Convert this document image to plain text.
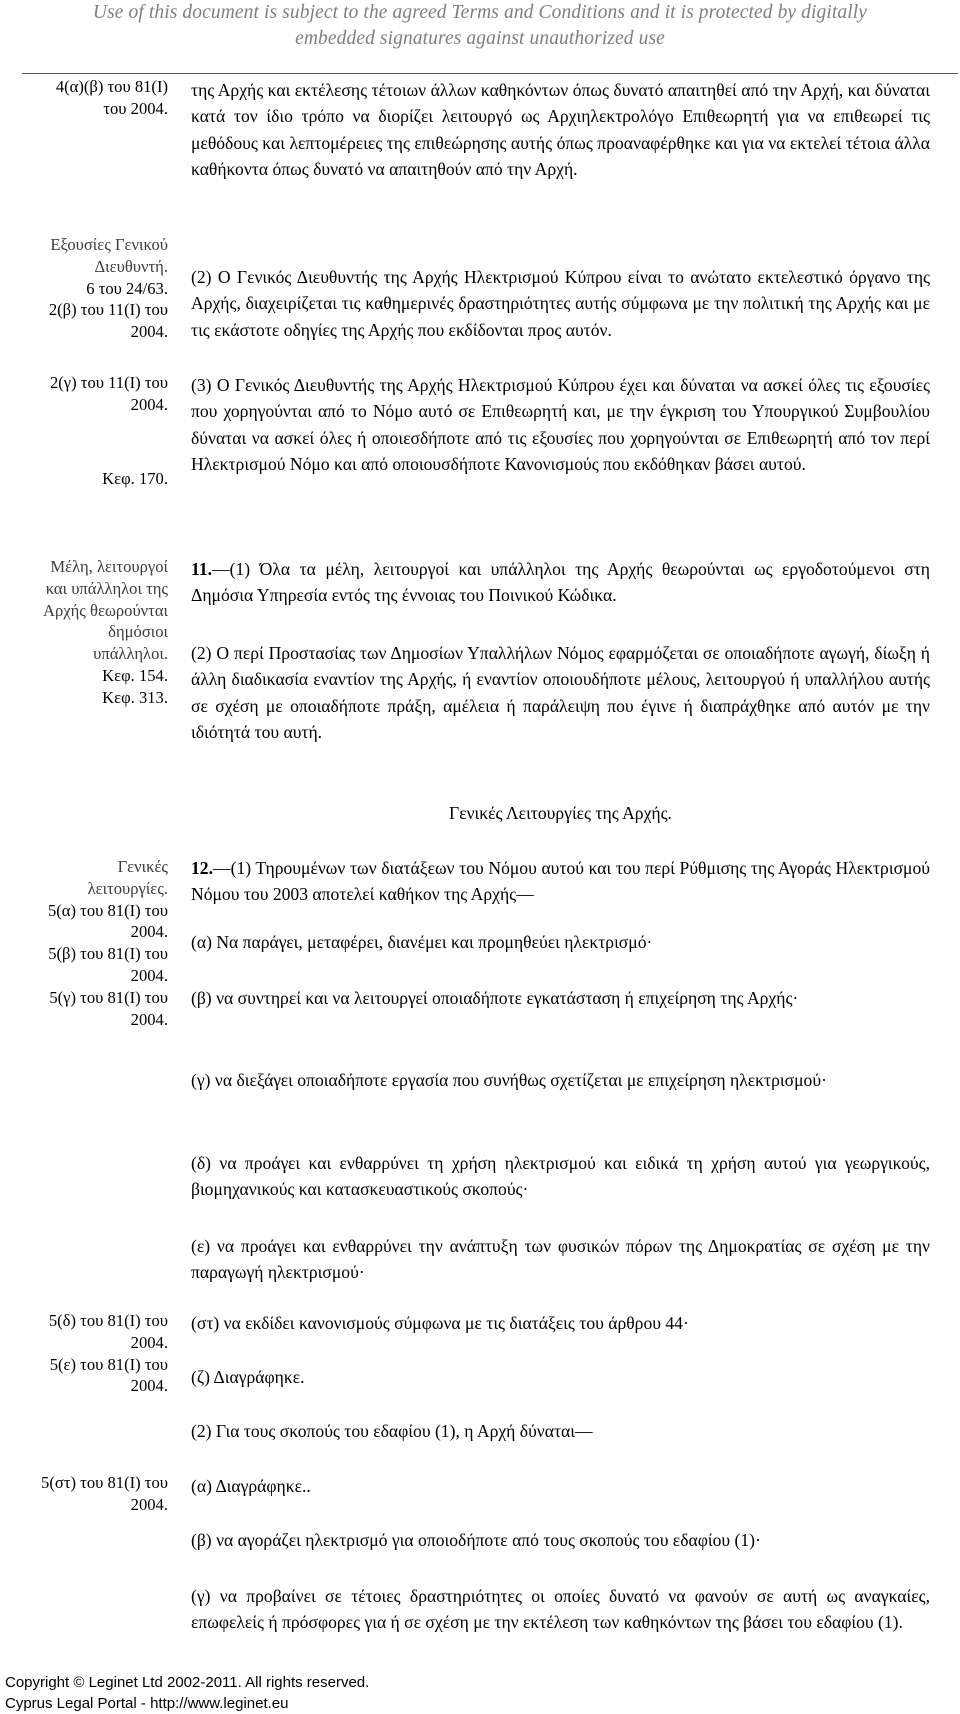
Use of this document is subject to the agreed Terms and Conditions and it is protected by digitally
embedded signatures against unauthorized use
4(α)(β) του 81(Ι)
του 2004.
Εξουσίες Γενικού
Διευθυντή.
6 του 24/63.
2(β) του 11(Ι) του
2004.
2(γ) του 11(Ι) του
2004.
Κεφ. 170.
Μέλη, λειτουργοί
και υπάλληλοι της
Αρχής θεωρούνται
δημόσιοι
υπάλληλοι.
Κεφ. 154.
Κεφ. 313.
Γενικές
λειτουργίες.
5(α) του 81(Ι) του
2004.
5(β) του 81(Ι) του
2004.
5(γ) του 81(Ι) του
2004.
5(δ) του 81(Ι) του
2004.
5(ε) του 81(Ι) του
2004.
5(στ) του 81(Ι) του
2004.

της Αρχής και εκτέλεσης τέτοιων άλλων καθηκόντων όπως δυνατό απαιτηθεί από την Αρχή, και δύναται κατά τον ίδιο τρόπο να διορίζει λειτουργό ως Αρχιηλεκτρολόγο Επιθεωρητή για να επιθεωρεί τις μεθόδους και λεπτομέρειες της επιθεώρησης αυτής όπως προαναφέρθηκε και για να εκτελεί τέτοια άλλα καθήκοντα όπως δυνατό να απαιτηθούν από την Αρχή.

(2) Ο Γενικός Διευθυντής της Αρχής Ηλεκτρισμού Κύπρου είναι το ανώτατο εκτελεστικό όργανο της Αρχής, διαχειρίζεται τις καθημερινές δραστηριότητες αυτής σύμφωνα με την πολιτική της Αρχής και με τις εκάστοτε οδηγίες της Αρχής που εκδίδονται προς αυτόν.

(3) Ο Γενικός Διευθυντής της Αρχής Ηλεκτρισμού Κύπρου έχει και δύναται να ασκεί όλες τις εξουσίες που χορηγούνται από το Νόμο αυτό σε Επιθεωρητή και, με την έγκριση του Υπουργικού Συμβουλίου δύναται να ασκεί όλες ή οποιεσδήποτε από τις εξουσίες που χορηγούνται σε Επιθεωρητή από τον περί Ηλεκτρισμού Νόμο και από οποιουσδήποτε Κανονισμούς που εκδόθηκαν βάσει αυτού.

11.—(1) Όλα τα μέλη, λειτουργοί και υπάλληλοι της Αρχής θεωρούνται ως εργοδοτούμενοι στη Δημόσια Υπηρεσία εντός της έννοιας του Ποινικού Κώδικα.

(2) Ο περί Προστασίας των Δημοσίων Υπαλλήλων Νόμος εφαρμόζεται σε οποιαδήποτε αγωγή, δίωξη ή άλλη διαδικασία εναντίον της Αρχής, ή εναντίον οποιουδήποτε μέλους, λειτουργού ή υπαλλήλου αυτής σε σχέση με οποιαδήποτε πράξη, αμέλεια ή παράλειψη που έγινε ή διαπράχθηκε από αυτόν με την ιδιότητά του αυτή.

Γενικές Λειτουργίες της Αρχής.

12.—(1) Τηρουμένων των διατάξεων του Νόμου αυτού και του περί Ρύθμισης της Αγοράς Ηλεκτρισμού Νόμου του 2003 αποτελεί καθήκον της Αρχής—

(α) Να παράγει, μεταφέρει, διανέμει και προμηθεύει ηλεκτρισμό·

(β) να συντηρεί και να λειτουργεί οποιαδήποτε εγκατάσταση ή επιχείρηση της Αρχής·

(γ) να διεξάγει οποιαδήποτε εργασία που συνήθως σχετίζεται με επιχείρηση ηλεκτρισμού·

(δ) να προάγει και ενθαρρύνει τη χρήση ηλεκτρισμού και ειδικά τη χρήση αυτού για γεωργικούς, βιομηχανικούς και κατασκευαστικούς σκοπούς·

(ε) να προάγει και ενθαρρύνει την ανάπτυξη των φυσικών πόρων της Δημοκρατίας σε σχέση με την παραγωγή ηλεκτρισμού·

(στ) να εκδίδει κανονισμούς σύμφωνα με τις διατάξεις του άρθρου 44·

(ζ) Διαγράφηκε.

(2) Για τους σκοπούς του εδαφίου (1), η Αρχή δύναται—

(α) Διαγράφηκε..

(β) να αγοράζει ηλεκτρισμό για οποιοδήποτε από τους σκοπούς του εδαφίου (1)·

(γ) να προβαίνει σε τέτοιες δραστηριότητες οι οποίες δυνατό να φανούν σε αυτή ως αναγκαίες, επωφελείς ή πρόσφορες για ή σε σχέση με την εκτέλεση των καθηκόντων της βάσει του εδαφίου (1).

Copyright © Leginet Ltd 2002-2011. All rights reserved.
Cyprus Legal Portal - http://www.leginet.eu
